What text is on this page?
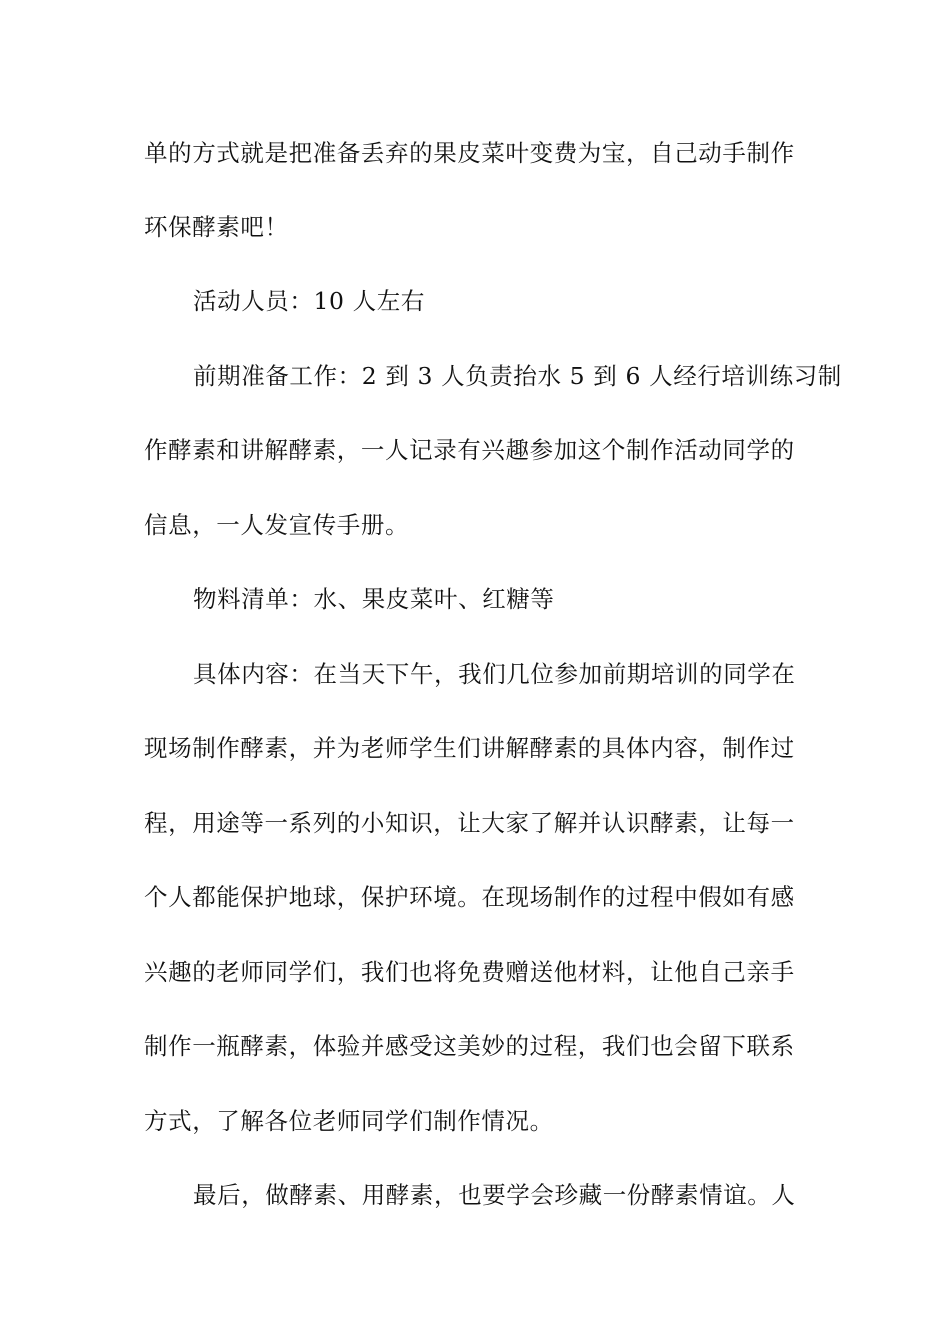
单的方式就是把准备丢弃的果皮菜叶变费为宝，自己动手制作
环保酵素吧！
活动人员：10 人左右
前期准备工作：2 到 3 人负责抬水 5 到 6 人经行培训练习制
作酵素和讲解酵素，一人记录有兴趣参加这个制作活动同学的
信息，一人发宣传手册。
物料清单：水、果皮菜叶、红糖等
具体内容：在当天下午，我们几位参加前期培训的同学在
现场制作酵素，并为老师学生们讲解酵素的具体内容，制作过
程，用途等一系列的小知识，让大家了解并认识酵素，让每一
个人都能保护地球，保护环境。在现场制作的过程中假如有感
兴趣的老师同学们，我们也将免费赠送他材料，让他自己亲手
制作一瓶酵素，体验并感受这美妙的过程，我们也会留下联系
方式，了解各位老师同学们制作情况。
最后，做酵素、用酵素，也要学会珍藏一份酵素情谊。人
